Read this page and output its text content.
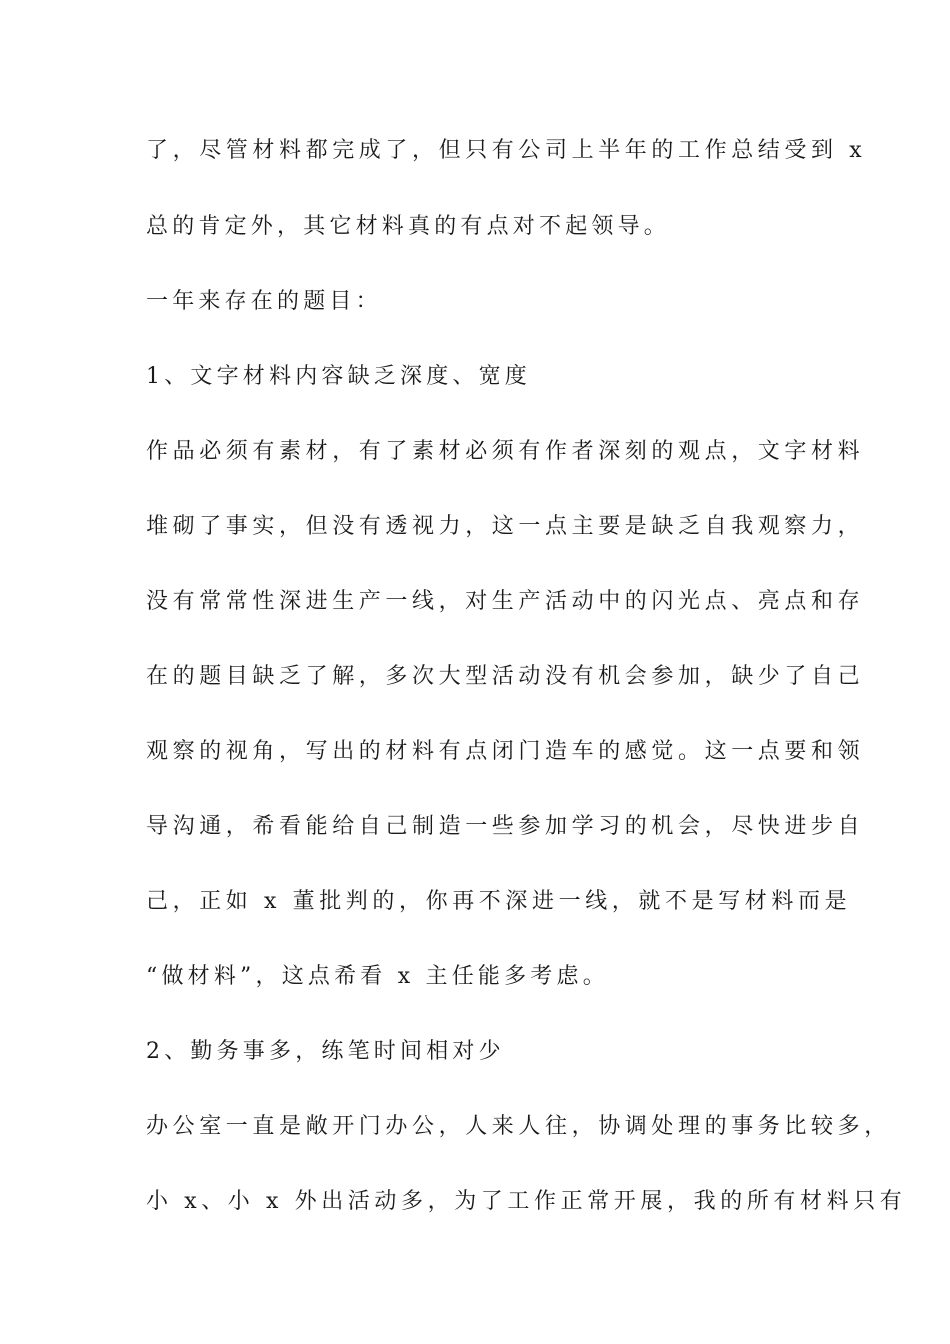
了，尽管材料都完成了，但只有公司上半年的工作总结受到 x
总的肯定外，其它材料真的有点对不起领导。
一年来存在的题目：
1、文字材料内容缺乏深度、宽度
作品必须有素材，有了素材必须有作者深刻的观点，文字材料
堆砌了事实，但没有透视力，这一点主要是缺乏自我观察力，
没有常常性深进生产一线，对生产活动中的闪光点、亮点和存
在的题目缺乏了解，多次大型活动没有机会参加，缺少了自己
观察的视角，写出的材料有点闭门造车的感觉。这一点要和领
导沟通，希看能给自己制造一些参加学习的机会，尽快进步自
己，正如 x 董批判的，你再不深进一线，就不是写材料而是
“做材料”，这点希看 x 主任能多考虑。
2、勤务事多，练笔时间相对少
办公室一直是敞开门办公，人来人往，协调处理的事务比较多，
小 x、小 x 外出活动多，为了工作正常开展，我的所有材料只有
